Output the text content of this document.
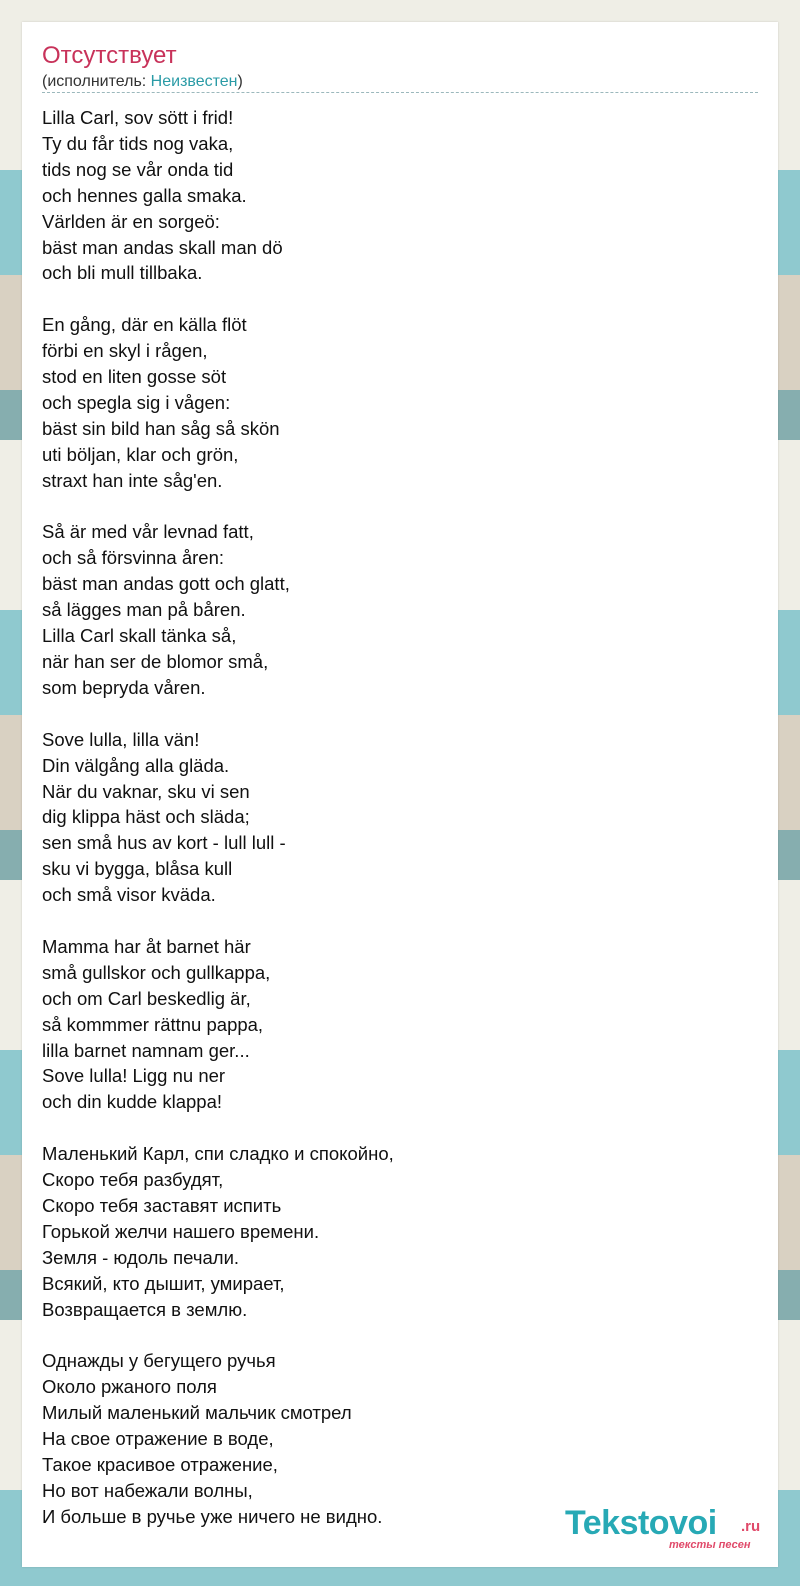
Отсутствует
(исполнитель: Неизвестен)
Lilla Carl, sov sött i frid!
Ty du får tids nog vaka,
tids nog se vår onda tid
och hennes galla smaka.
Världen är en sorgeö:
bäst man andas skall man dö
och bli mull tillbaka.
En gång, där en källa flöt
förbi en skyl i rågen,
stod en liten gosse söt
och spegla sig i vågen:
bäst sin bild han såg så skön
uti böljan, klar och grön,
straxt han inte såg'en.
Så är med vår levnad fatt,
och så försvinna åren:
bäst man andas gott och glatt,
så lägges man på båren.
Lilla Carl skall tänka så,
när han ser de blomor små,
som bepryda våren.
Sove lulla, lilla vän!
Din välgång alla gläda.
När du vaknar, sku vi sen
dig klippa häst och släda;
sen små hus av kort - lull lull -
sku vi bygga, blåsa kull
och små visor kväda.
Mamma har åt barnet här
små gullskor och gullkappa,
och om Carl beskedlig är,
så kommmer rättnu pappa,
lilla barnet namnam ger...
Sove lulla! Ligg nu ner
och din kudde klappa!
Маленький Карл, спи сладко и спокойно,
Скоро тебя разбудят,
Скоро тебя заставят испить
Горькой желчи нашего времени.
Земля - юдоль печали.
Всякий, кто дышит, умирает,
Возвращается в землю.
Однажды у бегущего ручья
Около ржаного поля
Милый маленький мальчик смотрел
На свое отражение в воде,
Такое красивое отражение,
Но вот набежали волны,
И больше в ручье уже ничего не видно.	Tekstovoi .ru
тексты песен
